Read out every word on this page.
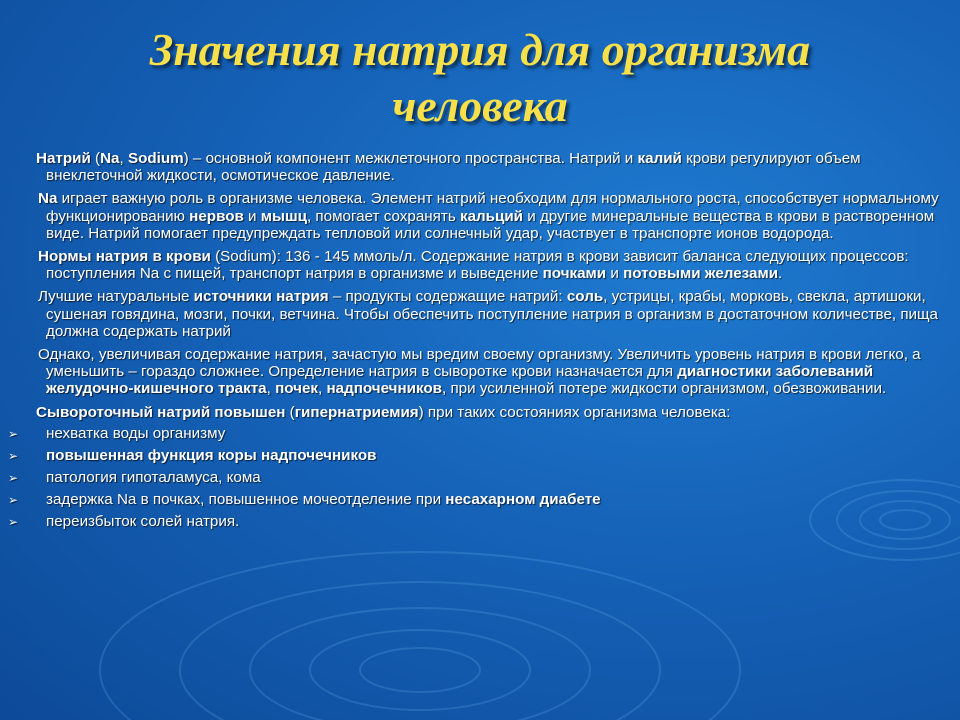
Значения натрия для организма
человека

Натрий (Na, Sodium) – основной компонент межклеточного пространства. Натрий и калий крови регулируют объем внеклеточной жидкости, осмотическое давление.

Na играет важную роль в организме человека. Элемент натрий необходим для нормального роста, способствует нормальному функционированию нервов и мышц, помогает сохранять кальций и другие минеральные вещества в крови в растворенном виде. Натрий помогает предупреждать тепловой или солнечный удар, участвует в транспорте ионов водорода.

Нормы натрия в крови (Sodium): 136 - 145 ммоль/л. Содержание натрия в крови зависит баланса следующих процессов: поступления Na с пищей, транспорт натрия в организме и выведение почками и потовыми железами.

Лучшие натуральные источники натрия – продукты содержащие натрий: соль, устрицы, крабы, морковь, свекла, артишоки, сушеная говядина, мозги, почки, ветчина. Чтобы обеспечить поступление натрия в организм в достаточном количестве, пища должна содержать натрий

Однако, увеличивая содержание натрия, зачастую мы вредим своему организму. Увеличить уровень натрия в крови легко, а уменьшить – гораздо сложнее. Определение натрия в сыворотке крови назначается для диагностики заболеваний желудочно-кишечного тракта, почек, надпочечников, при усиленной потере жидкости организмом, обезвоживании.

Сывороточный натрий повышен (гипернатриемия) при таких состояниях организма человека:

➢ нехватка воды организму
➢ повышенная функция коры надпочечников
➢ патология гипоталамуса, кома
➢ задержка Na в почках, повышенное мочеотделение при несахарном диабете
➢ переизбыток солей натрия.
